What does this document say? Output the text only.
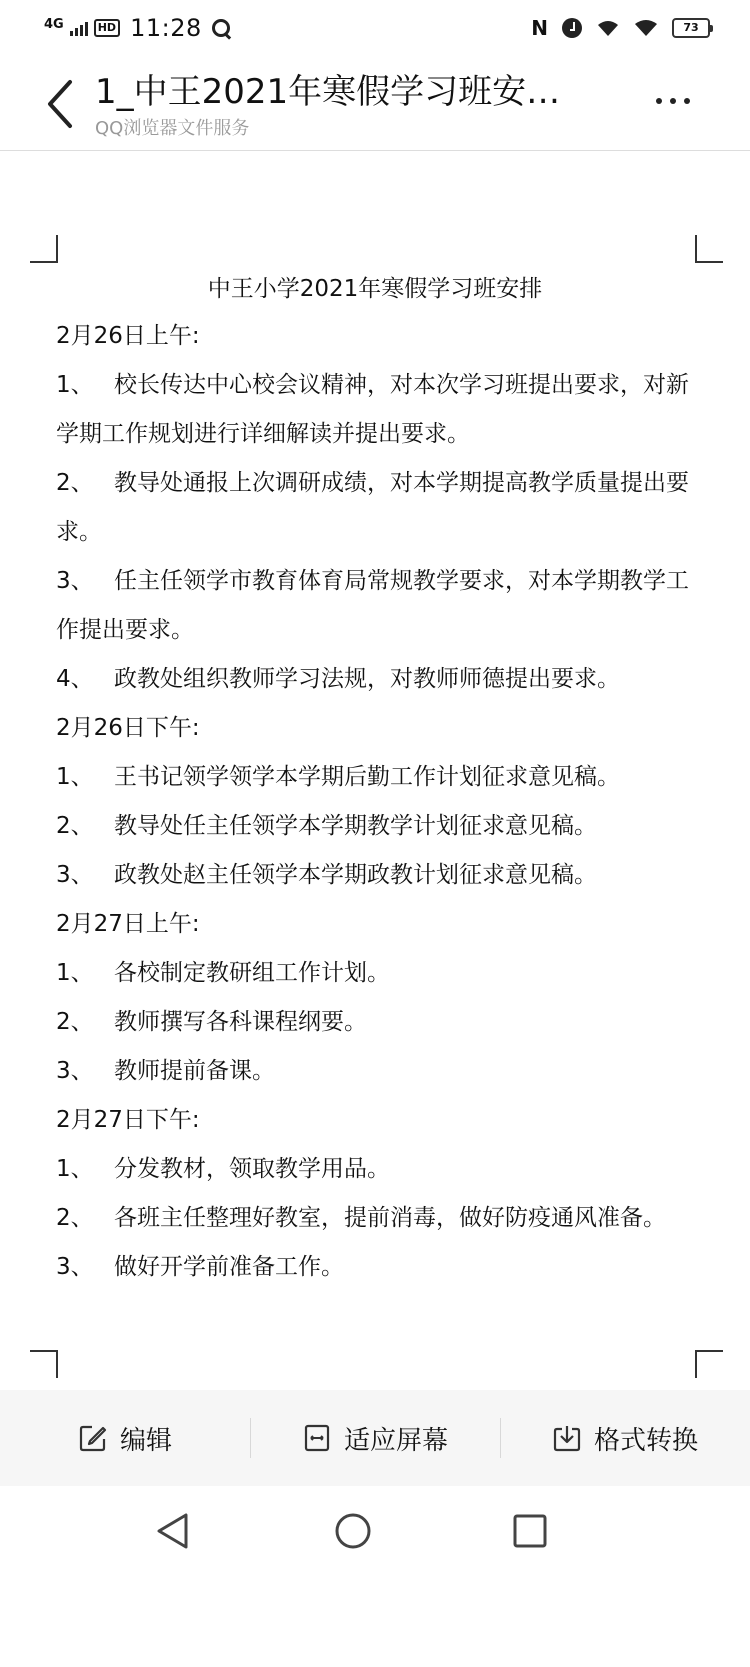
4G	HD 11:28	N	73
1_中王2021年寒假学习班安…
QQ浏览器文件服务
中王小学2021年寒假学习班安排
2月26日上午:
1、 校长传达中心校会议精神，对本次学习班提出要求，对新学期工作规划进行详细解读并提出要求。
2、 教导处通报上次调研成绩，对本学期提高教学质量提出要求。
3、 任主任领学市教育体育局常规教学要求，对本学期教学工作提出要求。
4、 政教处组织教师学习法规，对教师师德提出要求。
2月26日下午:
1、 王书记领学领学本学期后勤工作计划征求意见稿。
2、 教导处任主任领学本学期教学计划征求意见稿。
3、 政教处赵主任领学本学期政教计划征求意见稿。
2月27日上午:
1、 各校制定教研组工作计划。
2、 教师撰写各科课程纲要。
3、 教师提前备课。
2月27日下午:
1、 分发教材，领取教学用品。
2、 各班主任整理好教室，提前消毒，做好防疫通风准备。
3、 做好开学前准备工作。
编辑	适应屏幕	格式转换
